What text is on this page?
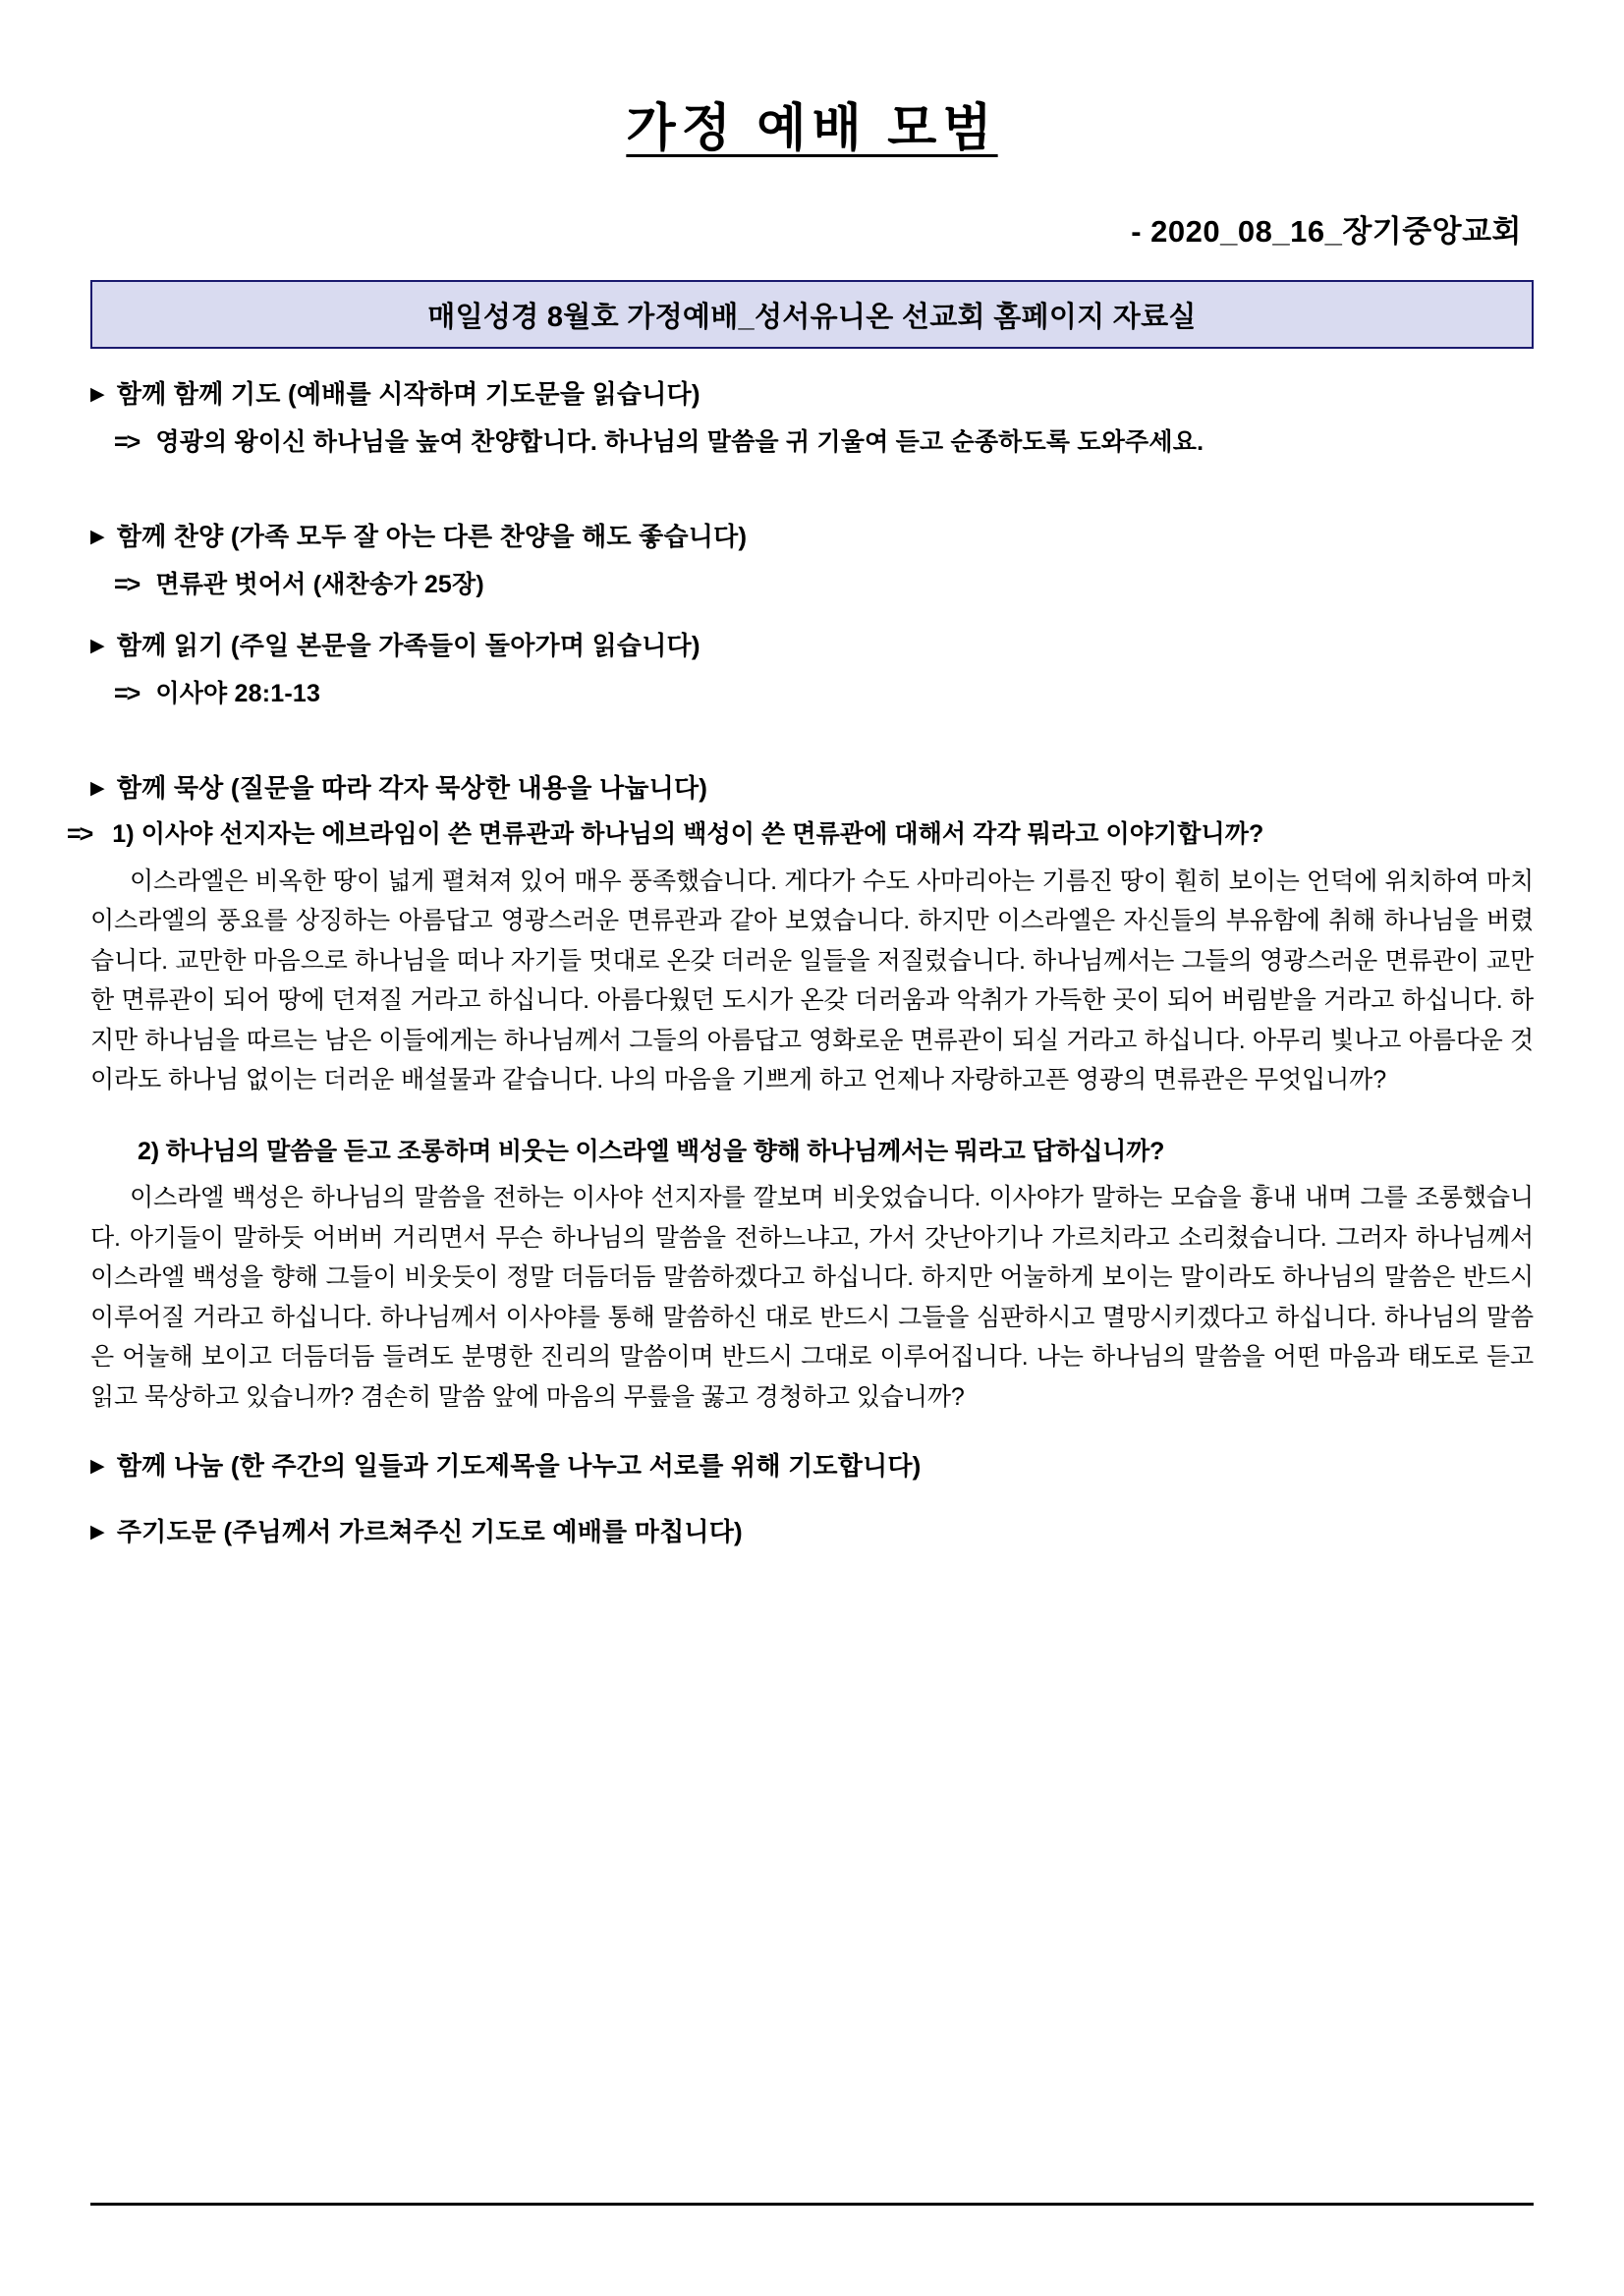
가정 예배 모범
- 2020_08_16_장기중앙교회
매일성경 8월호 가정예배_성서유니온 선교회 홈페이지 자료실
▶ 함께 함께 기도 (예배를 시작하며 기도문을 읽습니다)
=> 영광의 왕이신 하나님을 높여 찬양합니다. 하나님의 말씀을 귀 기울여 듣고 순종하도록 도와주세요.
▶ 함께 찬양 (가족 모두 잘 아는 다른 찬양을 해도 좋습니다)
=> 면류관 벗어서 (새찬송가 25장)
▶ 함께 읽기 (주일 본문을 가족들이 돌아가며 읽습니다)
=> 이사야 28:1-13
▶ 함께 묵상 (질문을 따라 각자 묵상한 내용을 나눕니다)
=> 1) 이사야 선지자는 에브라임이 쓴 면류관과 하나님의 백성이 쓴 면류관에 대해서 각각 뭐라고 이야기합니까?
이스라엘은 비옥한 땅이 넓게 펼쳐져 있어 매우 풍족했습니다. 게다가 수도 사마리아는 기름진 땅이 훤히 보이는 언덕에 위치하여 마치 이스라엘의 풍요를 상징하는 아름답고 영광스러운 면류관과 같아 보였습니다. 하지만 이스라엘은 자신들의 부유함에 취해 하나님을 버렸습니다. 교만한 마음으로 하나님을 떠나 자기들 멋대로 온갖 더러운 일들을 저질렀습니다. 하나님께서는 그들의 영광스러운 면류관이 교만한 면류관이 되어 땅에 던져질 거라고 하십니다. 아름다웠던 도시가 온갖 더러움과 악취가 가득한 곳이 되어 버림받을 거라고 하십니다. 하지만 하나님을 따르는 남은 이들에게는 하나님께서 그들의 아름답고 영화로운 면류관이 되실 거라고 하십니다. 아무리 빛나고 아름다운 것이라도 하나님 없이는 더러운 배설물과 같습니다. 나의 마음을 기쁘게 하고 언제나 자랑하고픈 영광의 면류관은 무엇입니까?
2) 하나님의 말씀을 듣고 조롱하며 비웃는 이스라엘 백성을 향해 하나님께서는 뭐라고 답하십니까?
이스라엘 백성은 하나님의 말씀을 전하는 이사야 선지자를 깔보며 비웃었습니다. 이사야가 말하는 모습을 흉내 내며 그를 조롱했습니다. 아기들이 말하듯 어버버 거리면서 무슨 하나님의 말씀을 전하느냐고, 가서 갓난아기나 가르치라고 소리쳤습니다. 그러자 하나님께서 이스라엘 백성을 향해 그들이 비웃듯이 정말 더듬더듬 말씀하겠다고 하십니다. 하지만 어눌하게 보이는 말이라도 하나님의 말씀은 반드시 이루어질 거라고 하십니다. 하나님께서 이사야를 통해 말씀하신 대로 반드시 그들을 심판하시고 멸망시키겠다고 하십니다. 하나님의 말씀은 어눌해 보이고 더듬더듬 들려도 분명한 진리의 말씀이며 반드시 그대로 이루어집니다. 나는 하나님의 말씀을 어떤 마음과 태도로 듣고 읽고 묵상하고 있습니까? 겸손히 말씀 앞에 마음의 무릎을 꿇고 경청하고 있습니까?
▶ 함께 나눔 (한 주간의 일들과 기도제목을 나누고 서로를 위해 기도합니다)
▶ 주기도문 (주님께서 가르쳐주신 기도로 예배를 마칩니다)
